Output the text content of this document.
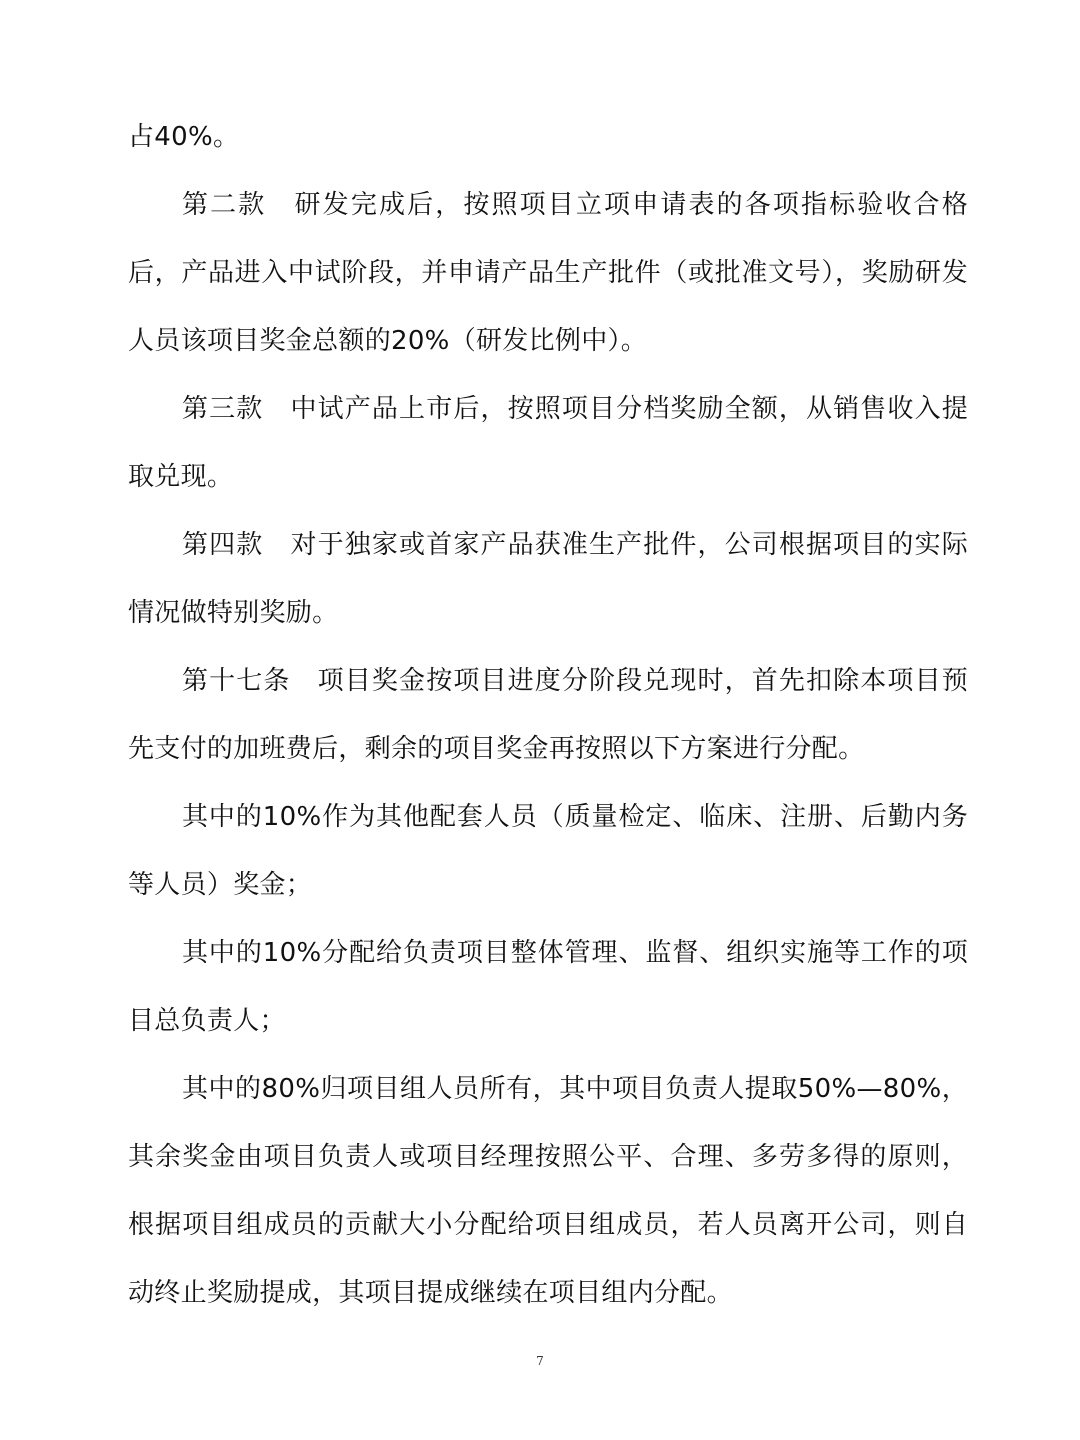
占40%。

第二款　研发完成后，按照项目立项申请表的各项指标验收合格后，产品进入中试阶段，并申请产品生产批件（或批准文号），奖励研发人员该项目奖金总额的20%（研发比例中）。

第三款　中试产品上市后，按照项目分档奖励全额，从销售收入提取兑现。

第四款　对于独家或首家产品获准生产批件，公司根据项目的实际情况做特别奖励。

第十七条　项目奖金按项目进度分阶段兑现时，首先扣除本项目预先支付的加班费后，剩余的项目奖金再按照以下方案进行分配。

其中的10%作为其他配套人员（质量检定、临床、注册、后勤内务等人员）奖金；

其中的10%分配给负责项目整体管理、监督、组织实施等工作的项目总负责人；

其中的80%归项目组人员所有，其中项目负责人提取50%—80%，其余奖金由项目负责人或项目经理按照公平、合理、多劳多得的原则，根据项目组成员的贡献大小分配给项目组成员，若人员离开公司，则自动终止奖励提成，其项目提成继续在项目组内分配。

7
